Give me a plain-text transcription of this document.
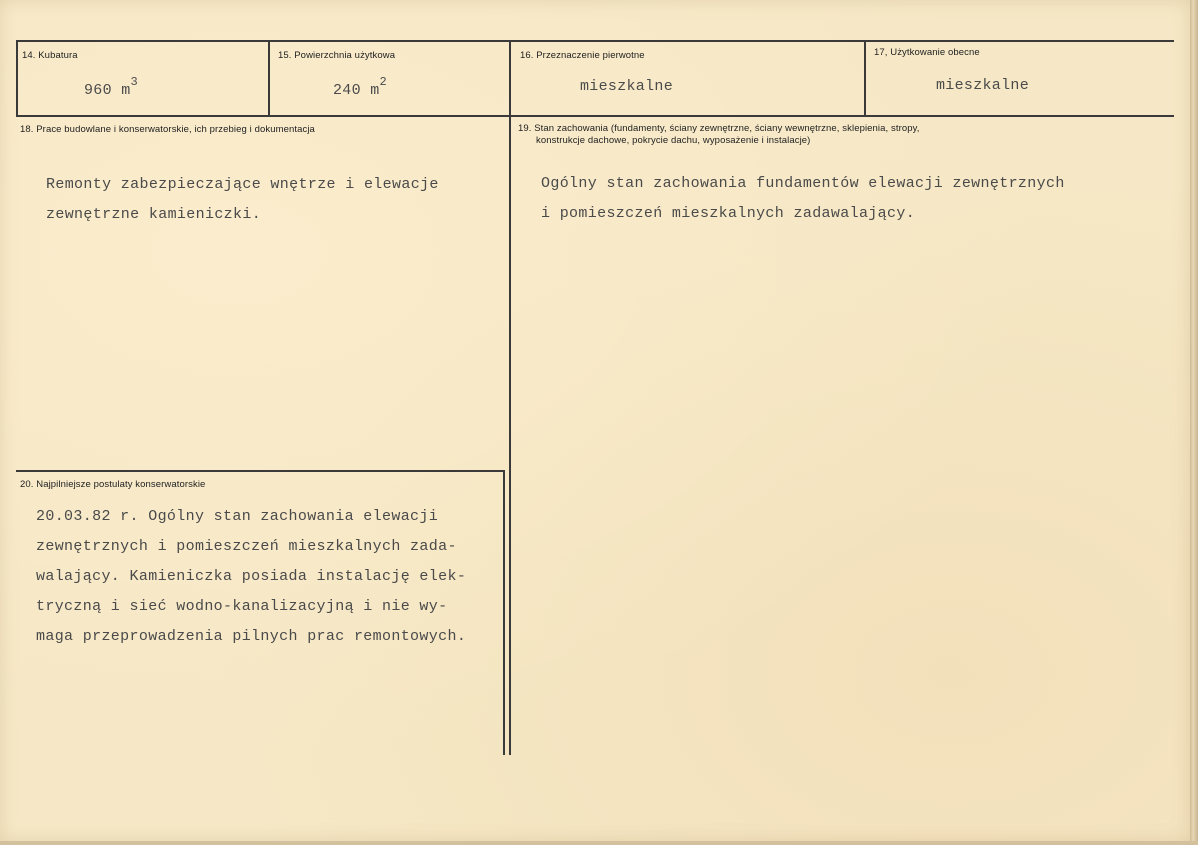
14. Kubatura
960 $m^3$
15. Powierzchnia użytkowa
240 $m^2$
16. Przeznaczenie pierwotne
mieszkalne
17, Użytkowanie obecne
mieszkalne
18. Prace budowlane i konserwatorskie, ich przebieg i dokumentacja
Remonty zabezpieczające wnętrze i elewacje
zewnętrzne kamieniczki.
19. Stan zachowania (fundamenty, ściany zewnętrzne, ściany wewnętrzne, sklepienia, stropy,
konstrukcje dachowe, pokrycie dachu, wyposażenie i instalacje)
Ogólny stan zachowania fundamentów elewacji zewnętrznych
i pomieszczeń mieszkalnych zadawalający.
20. Najpilniejsze postulaty konserwatorskie
20.03.82 r. Ogólny stan zachowania elewacji
zewnętrznych i pomieszczeń mieszkalnych zada-
walający. Kamieniczka posiada instalację elek-
tryczną i sieć wodno-kanalizacyjną i nie wy-
maga przeprowadzenia pilnych prac remontowych.
